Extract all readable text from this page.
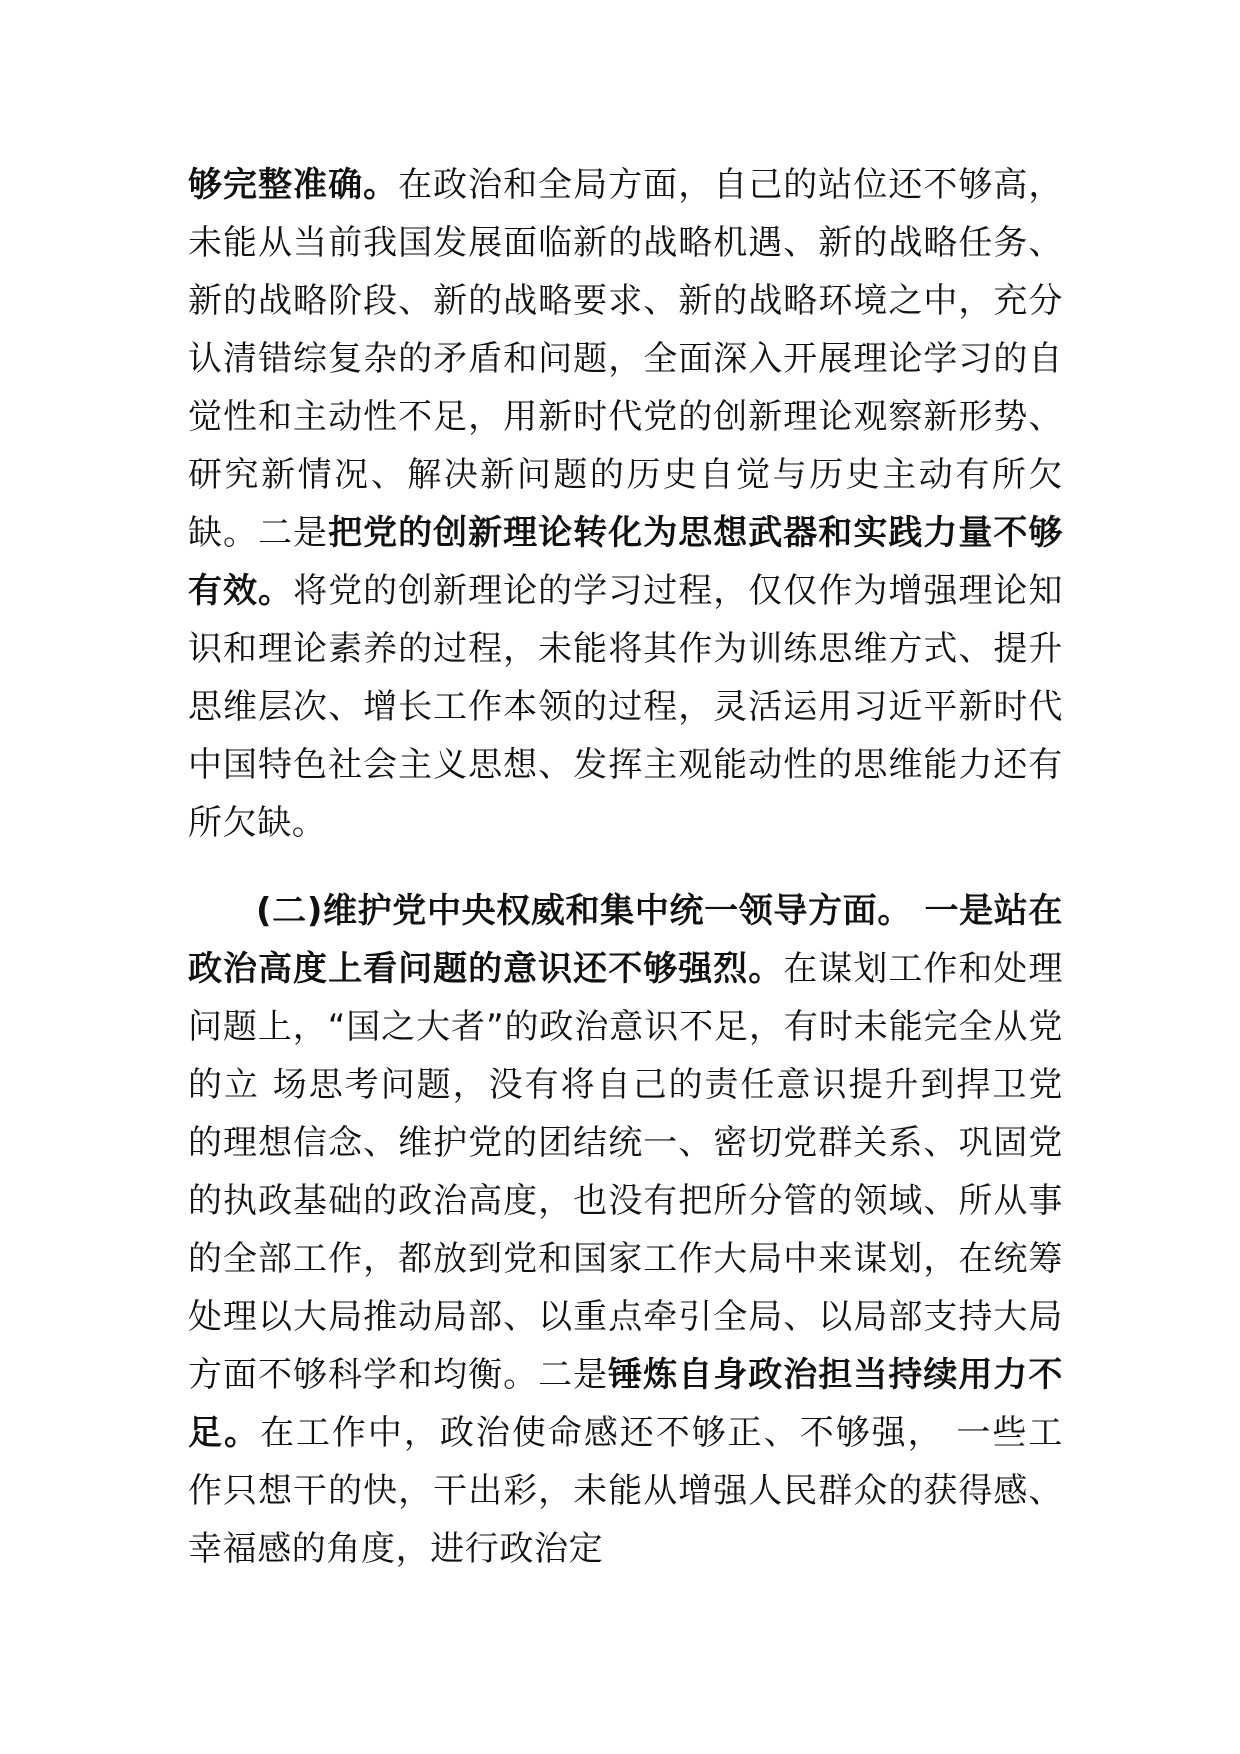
够完整准确。在政治和全局方面，自己的站位还不够高，未能从当前我国发展面临新的战略机遇、新的战略任务、新的战略阶段、新的战略要求、新的战略环境之中，充分认清错综复杂的矛盾和问题，全面深入开展理论学习的自觉性和主动性不足，用新时代党的创新理论观察新形势、研究新情况、解决新问题的历史自觉与历史主动有所欠缺。二是把党的创新理论转化为思想武器和实践力量不够有效。将党的创新理论的学习过程，仅仅作为增强理论知识和理论素养的过程，未能将其作为训练思维方式、提升思维层次、增长工作本领的过程，灵活运用习近平新时代中国特色社会主义思想、发挥主观能动性的思维能力还有所欠缺。

(二)维护党中央权威和集中统一领导方面。 一是站在政治高度上看问题的意识还不够强烈。在谋划工作和处理问题上，“国之大者”的政治意识不足，有时未能完全从党的立 场思考问题，没有将自己的责任意识提升到捍卫党的理想信念、维护党的团结统一、密切党群关系、巩固党的执政基础的政治高度，也没有把所分管的领域、所从事的全部工作，都放到党和国家工作大局中来谋划，在统筹处理以大局推动局部、以重点牵引全局、以局部支持大局方面不够科学和均衡。二是锤炼自身政治担当持续用力不足。在工作中，政治使命感还不够正、不够强， 一些工作只想干的快，干出彩，未能从增强人民群众的获得感、幸福感的角度，进行政治定
